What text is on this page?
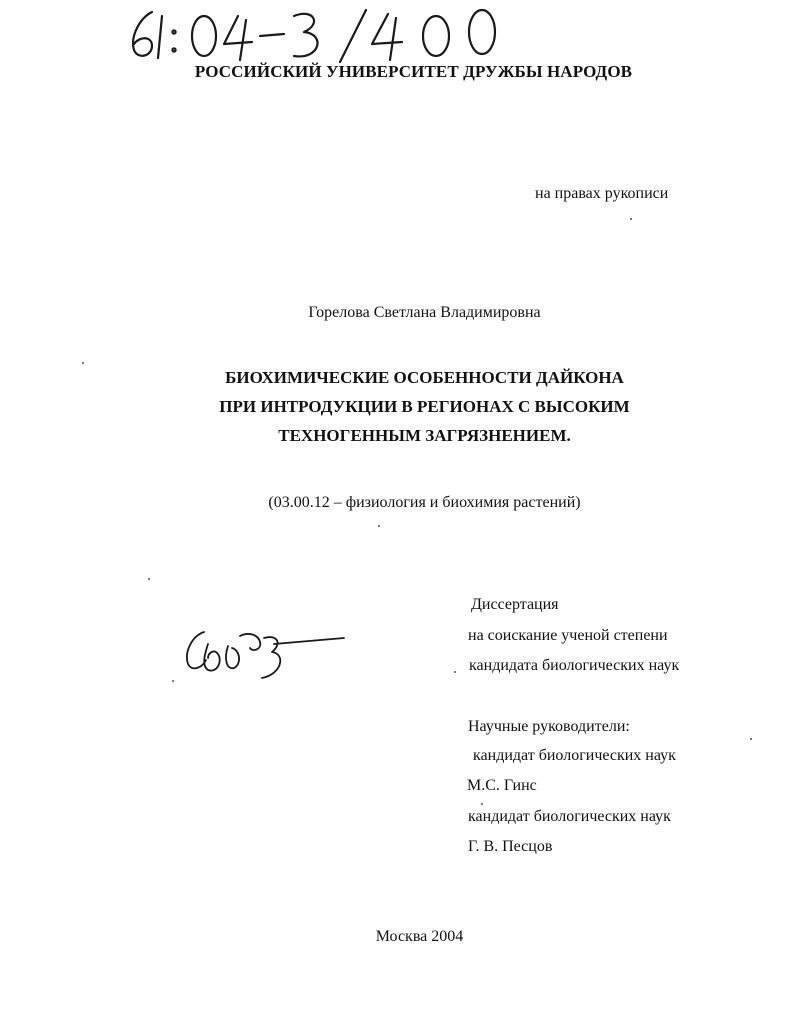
РОССИЙСКИЙ УНИВЕРСИТЕТ ДРУЖБЫ НАРОДОВ
на правах рукописи
Горелова Светлана Владимировна
БИОХИМИЧЕСКИЕ ОСОБЕННОСТИ ДАЙКОНА
ПРИ ИНТРОДУКЦИИ В РЕГИОНАХ С ВЫСОКИМ
ТЕХНОГЕННЫМ ЗАГРЯЗНЕНИЕМ.
(03.00.12 – физиология и биохимия растений)
Диссертация
на соискание ученой степени
кандидата биологических наук
Научные руководители:
кандидат биологических наук
М.С. Гинс
кандидат биологических наук
Г. В. Песцов
Москва 2004
